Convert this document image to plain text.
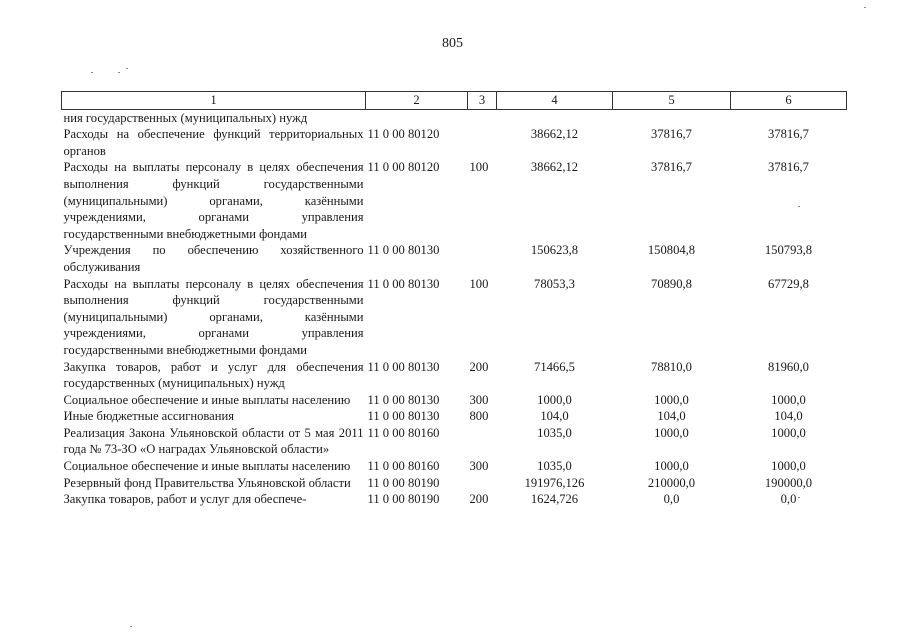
805
1	2	3	4	5	6
ния государственных (муниципальных) нужд					
Расходы на обеспечение функций территориальных органов	11 0 00 80120		38662,12	37816,7	37816,7
Расходы на выплаты персоналу в целях обеспечения выполнения функций государственными (муниципальными) органами, казёнными учреждениями, органами управления государственными внебюджетными фондами	11 0 00 80120	100	38662,12	37816,7	37816,7
Учреждения по обеспечению хозяйственного обслуживания	11 0 00 80130		150623,8	150804,8	150793,8
Расходы на выплаты персоналу в целях обеспечения выполнения функций государственными (муниципальными) органами, казёнными учреждениями, органами управления государственными внебюджетными фондами	11 0 00 80130	100	78053,3	70890,8	67729,8
Закупка товаров, работ и услуг для обеспечения государственных (муниципальных) нужд	11 0 00 80130	200	71466,5	78810,0	81960,0
Социальное обеспечение и иные выплаты населению	11 0 00 80130	300	1000,0	1000,0	1000,0
Иные бюджетные ассигнования	11 0 00 80130	800	104,0	104,0	104,0
Реализация Закона Ульяновской области от 5 мая 2011 года № 73-ЗО «О наградах Ульяновской области»	11 0 00 80160		1035,0	1000,0	1000,0
Социальное обеспечение и иные выплаты населению	11 0 00 80160	300	1035,0	1000,0	1000,0
Резервный фонд Правительства Ульяновской области	11 0 00 80190		191976,126	210000,0	190000,0
Закупка товаров, работ и услуг для обеспече-	11 0 00 80190	200	1624,726	0,0	0,0
